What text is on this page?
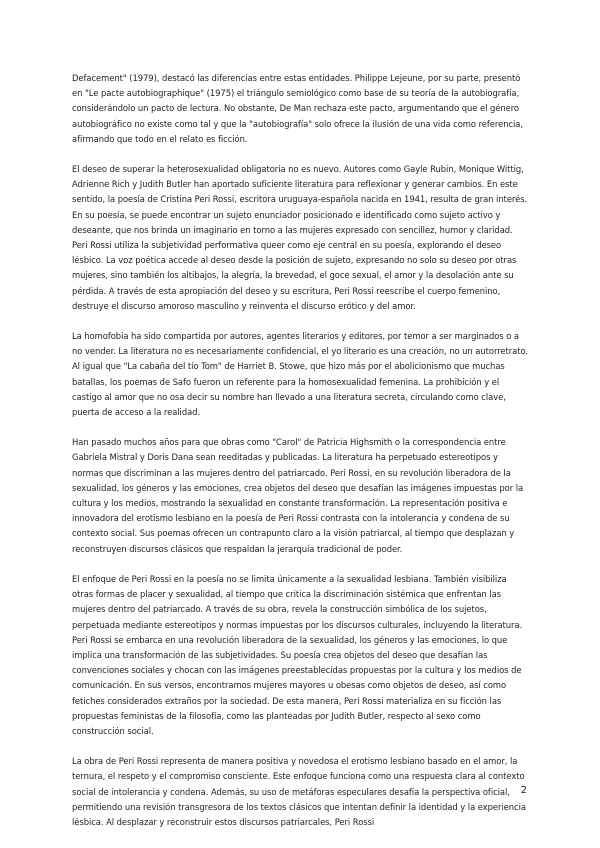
Defacement" (1979), destacó las diferencias entre estas entidades. Philippe Lejeune, por su parte, presentó en "Le pacte autobiographique" (1975) el triángulo semiológico como base de su teoría de la autobiografía, considerándolo un pacto de lectura. No obstante, De Man rechaza este pacto, argumentando que el género autobiográfico no existe como tal y que la "autobiografía" solo ofrece la ilusión de una vida como referencia, afirmando que todo en el relato es ficción.

El deseo de superar la heterosexualidad obligatoria no es nuevo. Autores como Gayle Rubin, Monique Wittig, Adrienne Rich y Judith Butler han aportado suficiente literatura para reflexionar y generar cambios. En este sentido, la poesía de Cristina Peri Rossi, escritora uruguaya-española nacida en 1941, resulta de gran interés. En su poesía, se puede encontrar un sujeto enunciador posicionado e identificado como sujeto activo y deseante, que nos brinda un imaginario en torno a las mujeres expresado con sencillez, humor y claridad. Peri Rossi utiliza la subjetividad performativa queer como eje central en su poesía, explorando el deseo lésbico. La voz poética accede al deseo desde la posición de sujeto, expresando no solo su deseo por otras mujeres, sino también los altibajos, la alegría, la brevedad, el goce sexual, el amor y la desolación ante su pérdida. A través de esta apropiación del deseo y su escritura, Peri Rossi reescribe el cuerpo femenino, destruye el discurso amoroso masculino y reinventa el discurso erótico y del amor.

La homofobia ha sido compartida por autores, agentes literarios y editores, por temor a ser marginados o a no vender. La literatura no es necesariamente confidencial, el yo literario es una creación, no un autorretrato. Al igual que "La cabaña del tío Tom" de Harriet B. Stowe, que hizo más por el abolicionismo que muchas batallas, los poemas de Safo fueron un referente para la homosexualidad femenina. La prohibición y el castigo al amor que no osa decir su nombre han llevado a una literatura secreta, circulando como clave, puerta de acceso a la realidad.

Han pasado muchos años para que obras como "Carol" de Patricia Highsmith o la correspondencia entre Gabriela Mistral y Doris Dana sean reeditadas y publicadas. La literatura ha perpetuado estereotipos y normas que discriminan a las mujeres dentro del patriarcado. Peri Rossi, en su revolución liberadora de la sexualidad, los géneros y las emociones, crea objetos del deseo que desafían las imágenes impuestas por la cultura y los medios, mostrando la sexualidad en constante transformación. La representación positiva e innovadora del erotismo lesbiano en la poesía de Peri Rossi contrasta con la intolerancia y condena de su contexto social. Sus poemas ofrecen un contrapunto claro a la visión patriarcal, al tiempo que desplazan y reconstruyen discursos clásicos que respaldan la jerarquía tradicional de poder.

El enfoque de Peri Rossi en la poesía no se limita únicamente a la sexualidad lesbiana. También visibiliza otras formas de placer y sexualidad, al tiempo que critica la discriminación sistémica que enfrentan las mujeres dentro del patriarcado. A través de su obra, revela la construcción simbólica de los sujetos, perpetuada mediante estereotipos y normas impuestas por los discursos culturales, incluyendo la literatura. Peri Rossi se embarca en una revolución liberadora de la sexualidad, los géneros y las emociones, lo que implica una transformación de las subjetividades. Su poesía crea objetos del deseo que desafían las convenciones sociales y chocan con las imágenes preestablecidas propuestas por la cultura y los medios de comunicación. En sus versos, encontramos mujeres mayores u obesas como objetos de deseo, así como fetiches considerados extraños por la sociedad. De esta manera, Peri Rossi materializa en su ficción las propuestas feministas de la filosofía, como las planteadas por Judith Butler, respecto al sexo como construcción social.

La obra de Peri Rossi representa de manera positiva y novedosa el erotismo lesbiano basado en el amor, la ternura, el respeto y el compromiso consciente. Este enfoque funciona como una respuesta clara al contexto social de intolerancia y condena. Además, su uso de metáforas especulares desafía la perspectiva oficial, permitiendo una revisión transgresora de los textos clásicos que intentan definir la identidad y la experiencia lésbica. Al desplazar y reconstruir estos discursos patriarcales, Peri Rossi

2
